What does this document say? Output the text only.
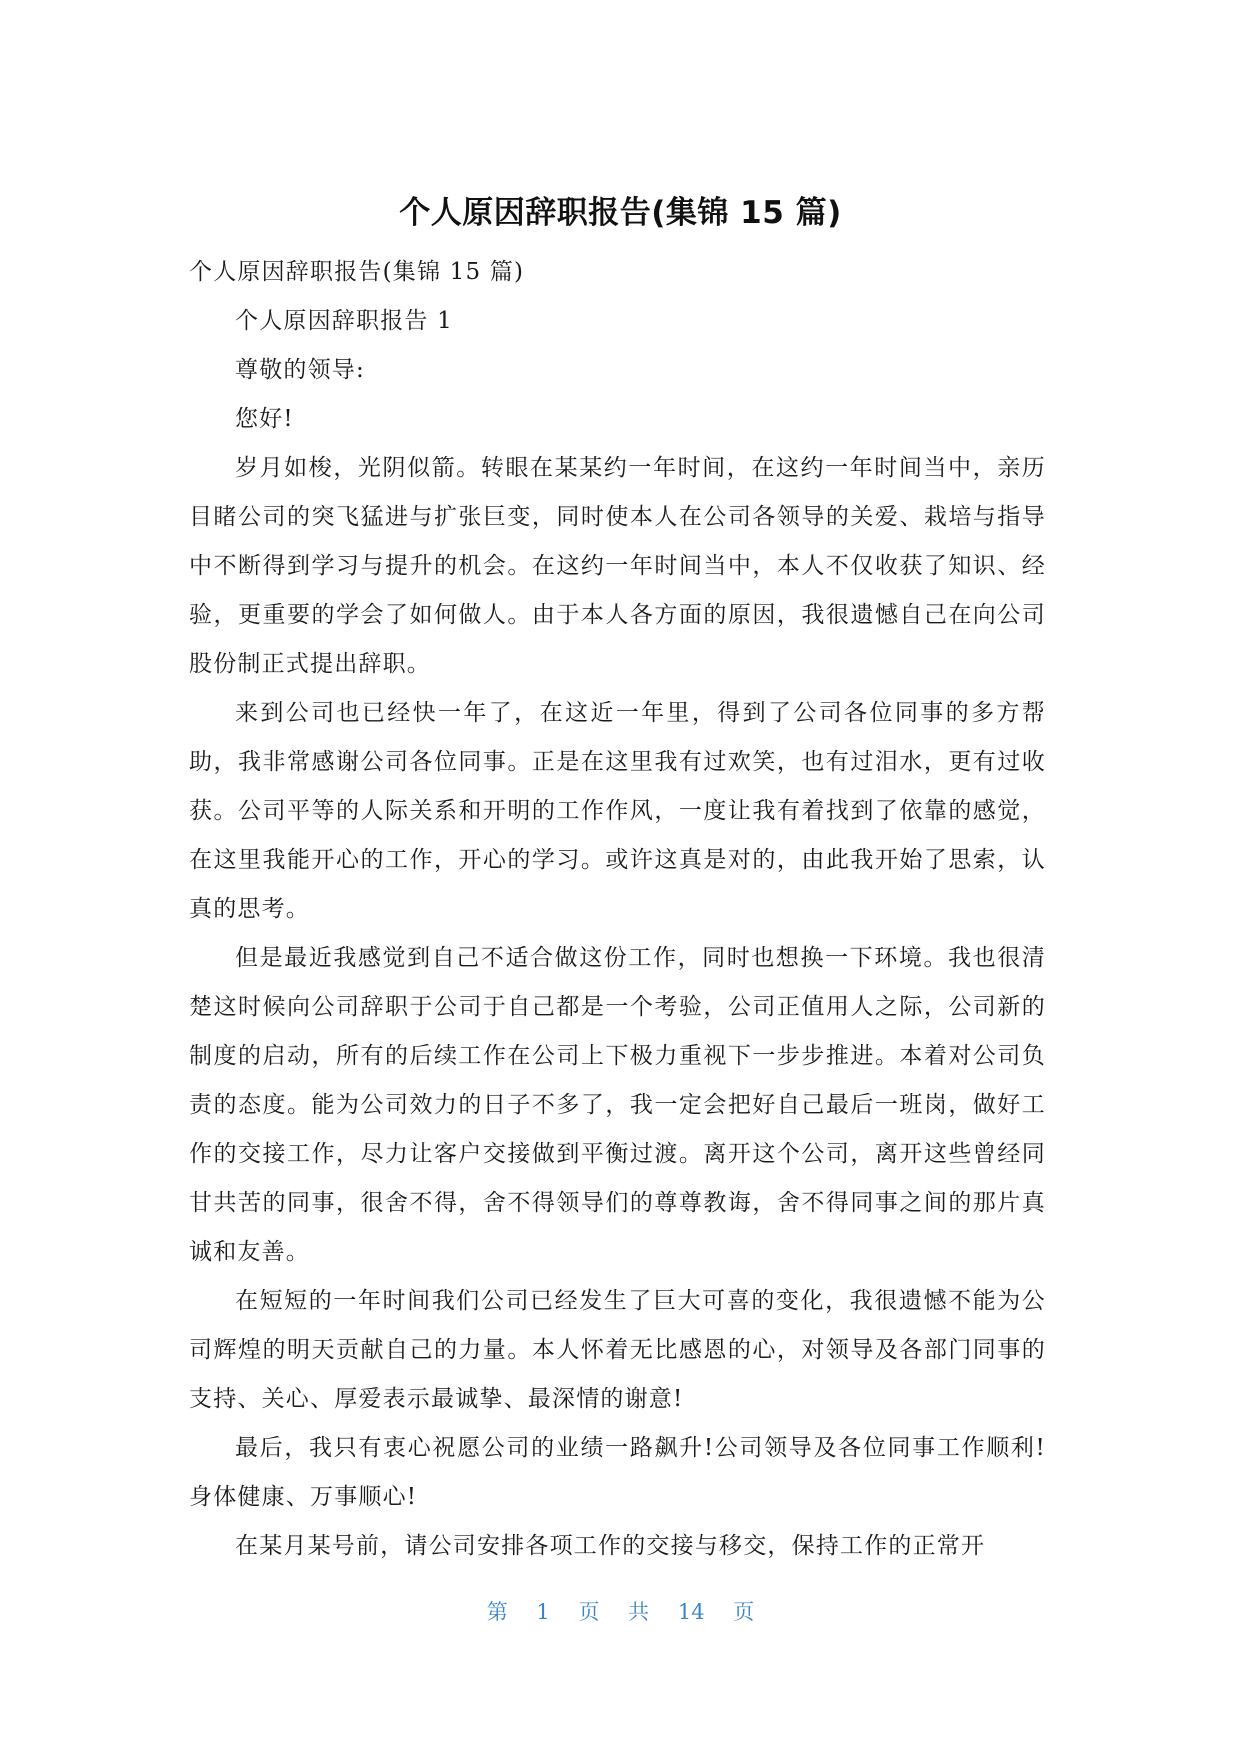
个人原因辞职报告(集锦 15 篇)

个人原因辞职报告(集锦 15 篇)

个人原因辞职报告 1

尊敬的领导:

您好!

岁月如梭，光阴似箭。转眼在某某约一年时间，在这约一年时间当中，亲历目睹公司的突飞猛进与扩张巨变，同时使本人在公司各领导的关爱、栽培与指导中不断得到学习与提升的机会。在这约一年时间当中，本人不仅收获了知识、经验，更重要的学会了如何做人。由于本人各方面的原因，我很遗憾自己在向公司股份制正式提出辞职。

来到公司也已经快一年了，在这近一年里，得到了公司各位同事的多方帮助，我非常感谢公司各位同事。正是在这里我有过欢笑，也有过泪水，更有过收获。公司平等的人际关系和开明的工作作风，一度让我有着找到了依靠的感觉，在这里我能开心的工作，开心的学习。或许这真是对的，由此我开始了思索，认真的思考。

但是最近我感觉到自己不适合做这份工作，同时也想换一下环境。我也很清楚这时候向公司辞职于公司于自己都是一个考验，公司正值用人之际，公司新的制度的启动，所有的后续工作在公司上下极力重视下一步步推进。本着对公司负责的态度。能为公司效力的日子不多了，我一定会把好自己最后一班岗，做好工作的交接工作，尽力让客户交接做到平衡过渡。离开这个公司，离开这些曾经同甘共苦的同事，很舍不得，舍不得领导们的尊尊教诲，舍不得同事之间的那片真诚和友善。

在短短的一年时间我们公司已经发生了巨大可喜的变化，我很遗憾不能为公司辉煌的明天贡献自己的力量。本人怀着无比感恩的心，对领导及各部门同事的支持、关心、厚爱表示最诚挚、最深情的谢意!

最后，我只有衷心祝愿公司的业绩一路飙升!公司领导及各位同事工作顺利!身体健康、万事顺心!

在某月某号前，请公司安排各项工作的交接与移交，保持工作的正常开

第 1 页 共 14 页
